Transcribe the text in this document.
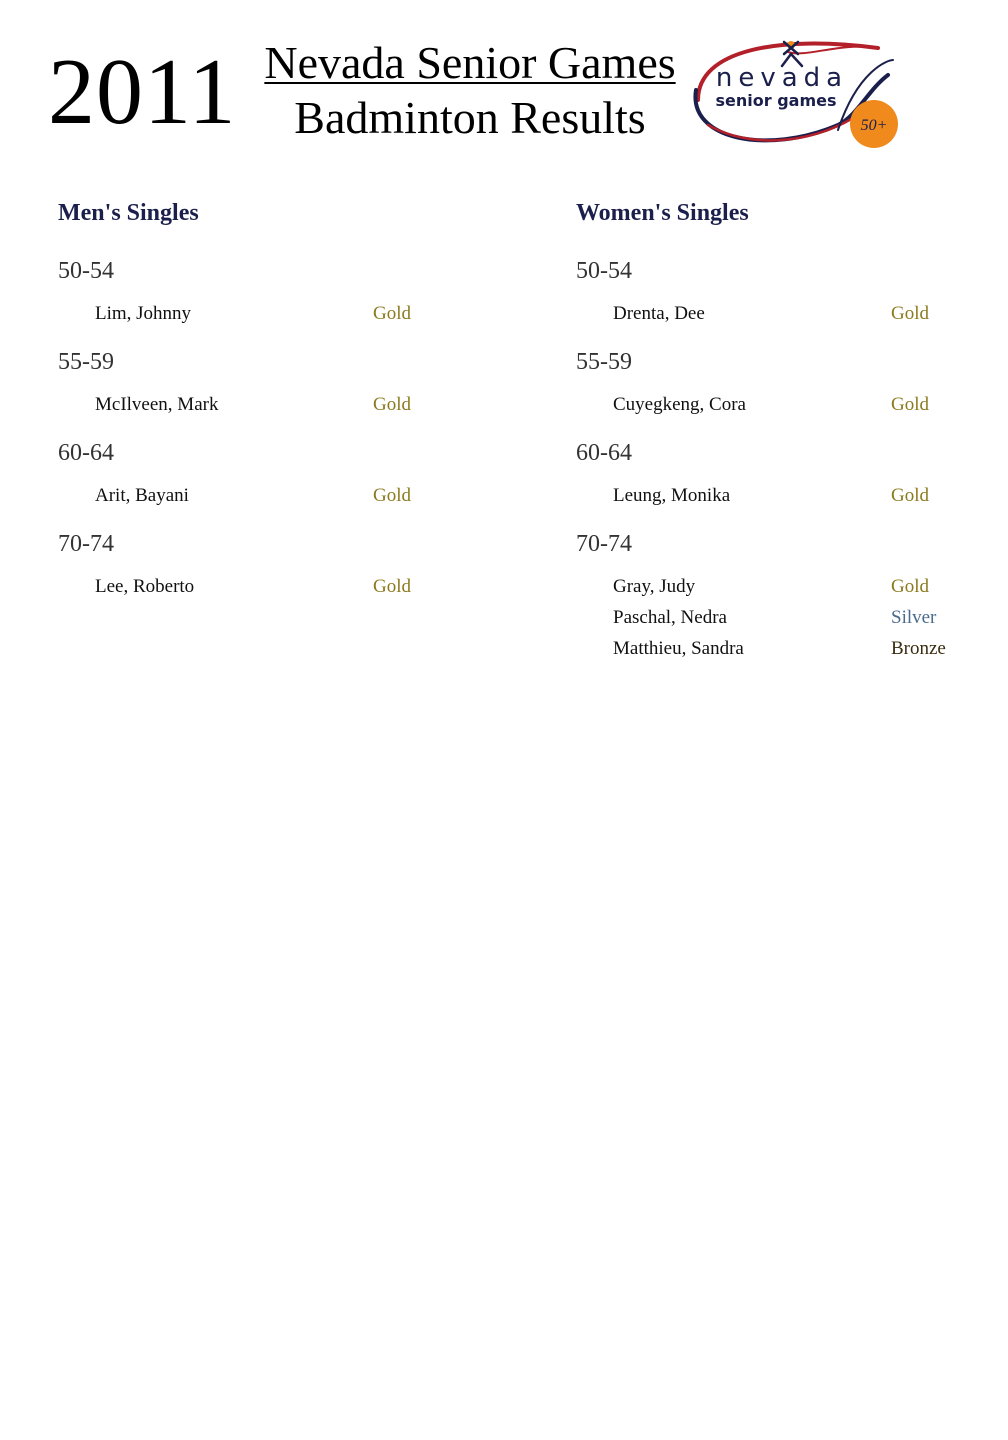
2011 Nevada Senior Games
Badminton Results	50+
nevada
senior games
Men's Singles
50-54
Lim, Johnny	Gold
55-59
McIlveen, Mark	Gold
60-64
Arit, Bayani	Gold
70-74
Lee, Roberto	Gold
Women's Singles
50-54
Drenta, Dee	Gold
55-59
Cuyegkeng, Cora	Gold
60-64
Leung, Monika	Gold
70-74
Gray, Judy	Gold
Paschal, Nedra	Silver
Matthieu, Sandra	Bronze
